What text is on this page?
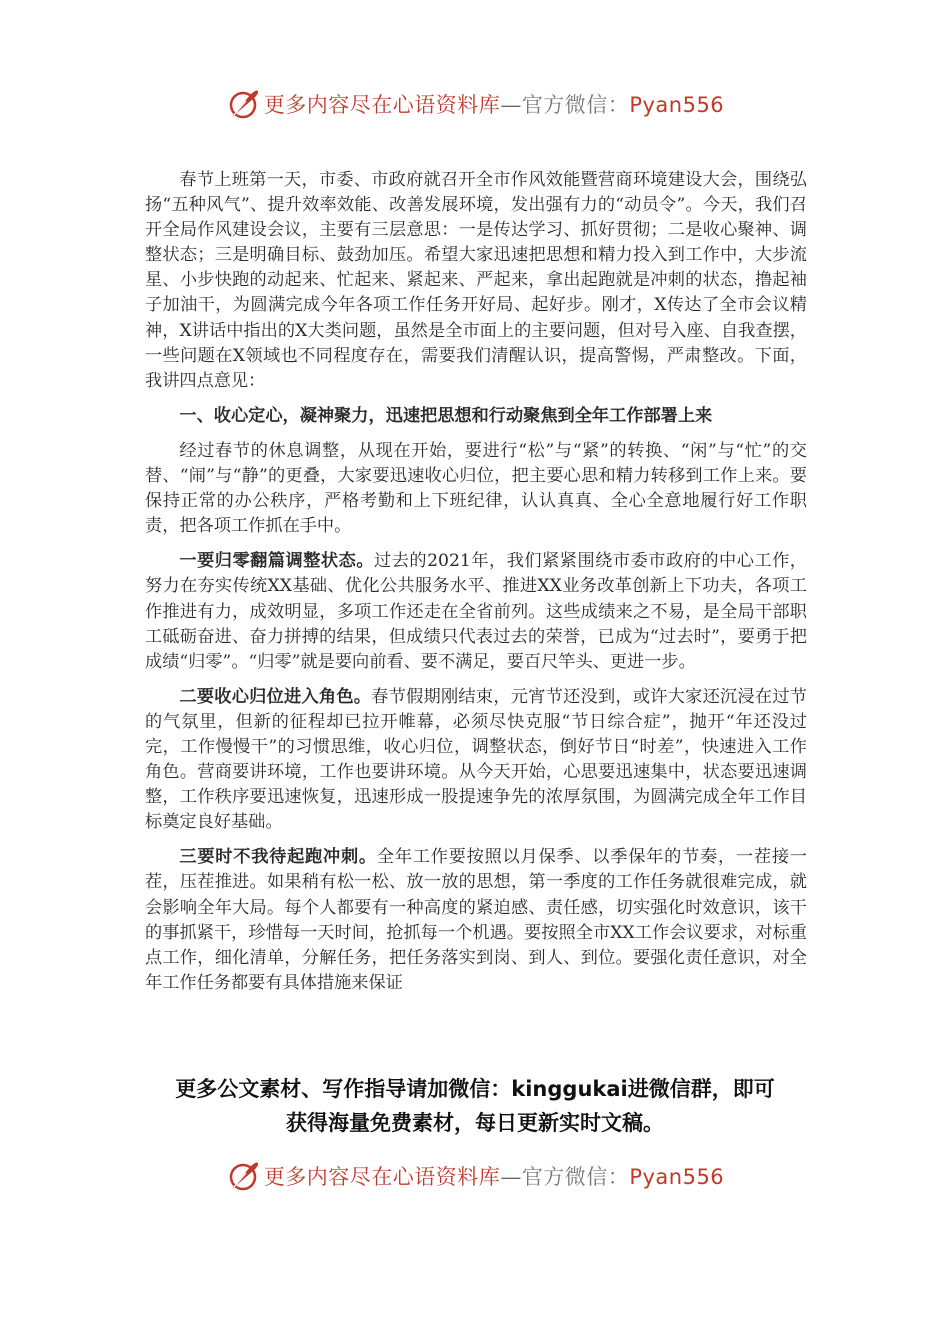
更多内容尽在心语资料库—官方微信：Pyan556

春节上班第一天，市委、市政府就召开全市作风效能暨营商环境建设大会，围绕弘扬“五种风气”、提升效率效能、改善发展环境，发出强有力的“动员令”。今天，我们召开全局作风建设会议，主要有三层意思：一是传达学习、抓好贯彻；二是收心聚神、调整状态；三是明确目标、鼓劲加压。希望大家迅速把思想和精力投入到工作中，大步流星、小步快跑的动起来、忙起来、紧起来、严起来，拿出起跑就是冲刺的状态，撸起袖子加油干，为圆满完成今年各项工作任务开好局、起好步。刚才，X传达了全市会议精神，X讲话中指出的X大类问题，虽然是全市面上的主要问题，但对号入座、自我查摆，一些问题在X领域也不同程度存在，需要我们清醒认识，提高警惕，严肃整改。下面，我讲四点意见：

一、收心定心，凝神聚力，迅速把思想和行动聚焦到全年工作部署上来

经过春节的休息调整，从现在开始，要进行“松”与“紧”的转换、“闲”与“忙”的交替、“闹”与“静”的更叠，大家要迅速收心归位，把主要心思和精力转移到工作上来。要保持正常的办公秩序，严格考勤和上下班纪律，认认真真、全心全意地履行好工作职责，把各项工作抓在手中。

一要归零翻篇调整状态。过去的2021年，我们紧紧围绕市委市政府的中心工作，努力在夯实传统XX基础、优化公共服务水平、推进XX业务改革创新上下功夫，各项工作推进有力，成效明显，多项工作还走在全省前列。这些成绩来之不易，是全局干部职工砥砺奋进、奋力拼搏的结果，但成绩只代表过去的荣誉，已成为“过去时”，要勇于把成绩“归零”。“归零”就是要向前看、要不满足，要百尺竿头、更进一步。

二要收心归位进入角色。春节假期刚结束，元宵节还没到，或许大家还沉浸在过节的气氛里，但新的征程却已拉开帷幕，必须尽快克服“节日综合症”，抛开“年还没过完，工作慢慢干”的习惯思维，收心归位，调整状态，倒好节日“时差”，快速进入工作角色。营商要讲环境，工作也要讲环境。从今天开始，心思要迅速集中，状态要迅速调整，工作秩序要迅速恢复，迅速形成一股提速争先的浓厚氛围，为圆满完成全年工作目标奠定良好基础。

三要时不我待起跑冲刺。全年工作要按照以月保季、以季保年的节奏，一茬接一茬，压茬推进。如果稍有松一松、放一放的思想，第一季度的工作任务就很难完成，就会影响全年大局。每个人都要有一种高度的紧迫感、责任感，切实强化时效意识，该干的事抓紧干，珍惜每一天时间，抢抓每一个机遇。要按照全市XX工作会议要求，对标重点工作，细化清单，分解任务，把任务落实到岗、到人、到位。要强化责任意识，对全年工作任务都要有具体措施来保证

更多公文素材、写作指导请加微信：kinggukai进微信群，即可
获得海量免费素材，每日更新实时文稿。
更多内容尽在心语资料库—官方微信：Pyan556
